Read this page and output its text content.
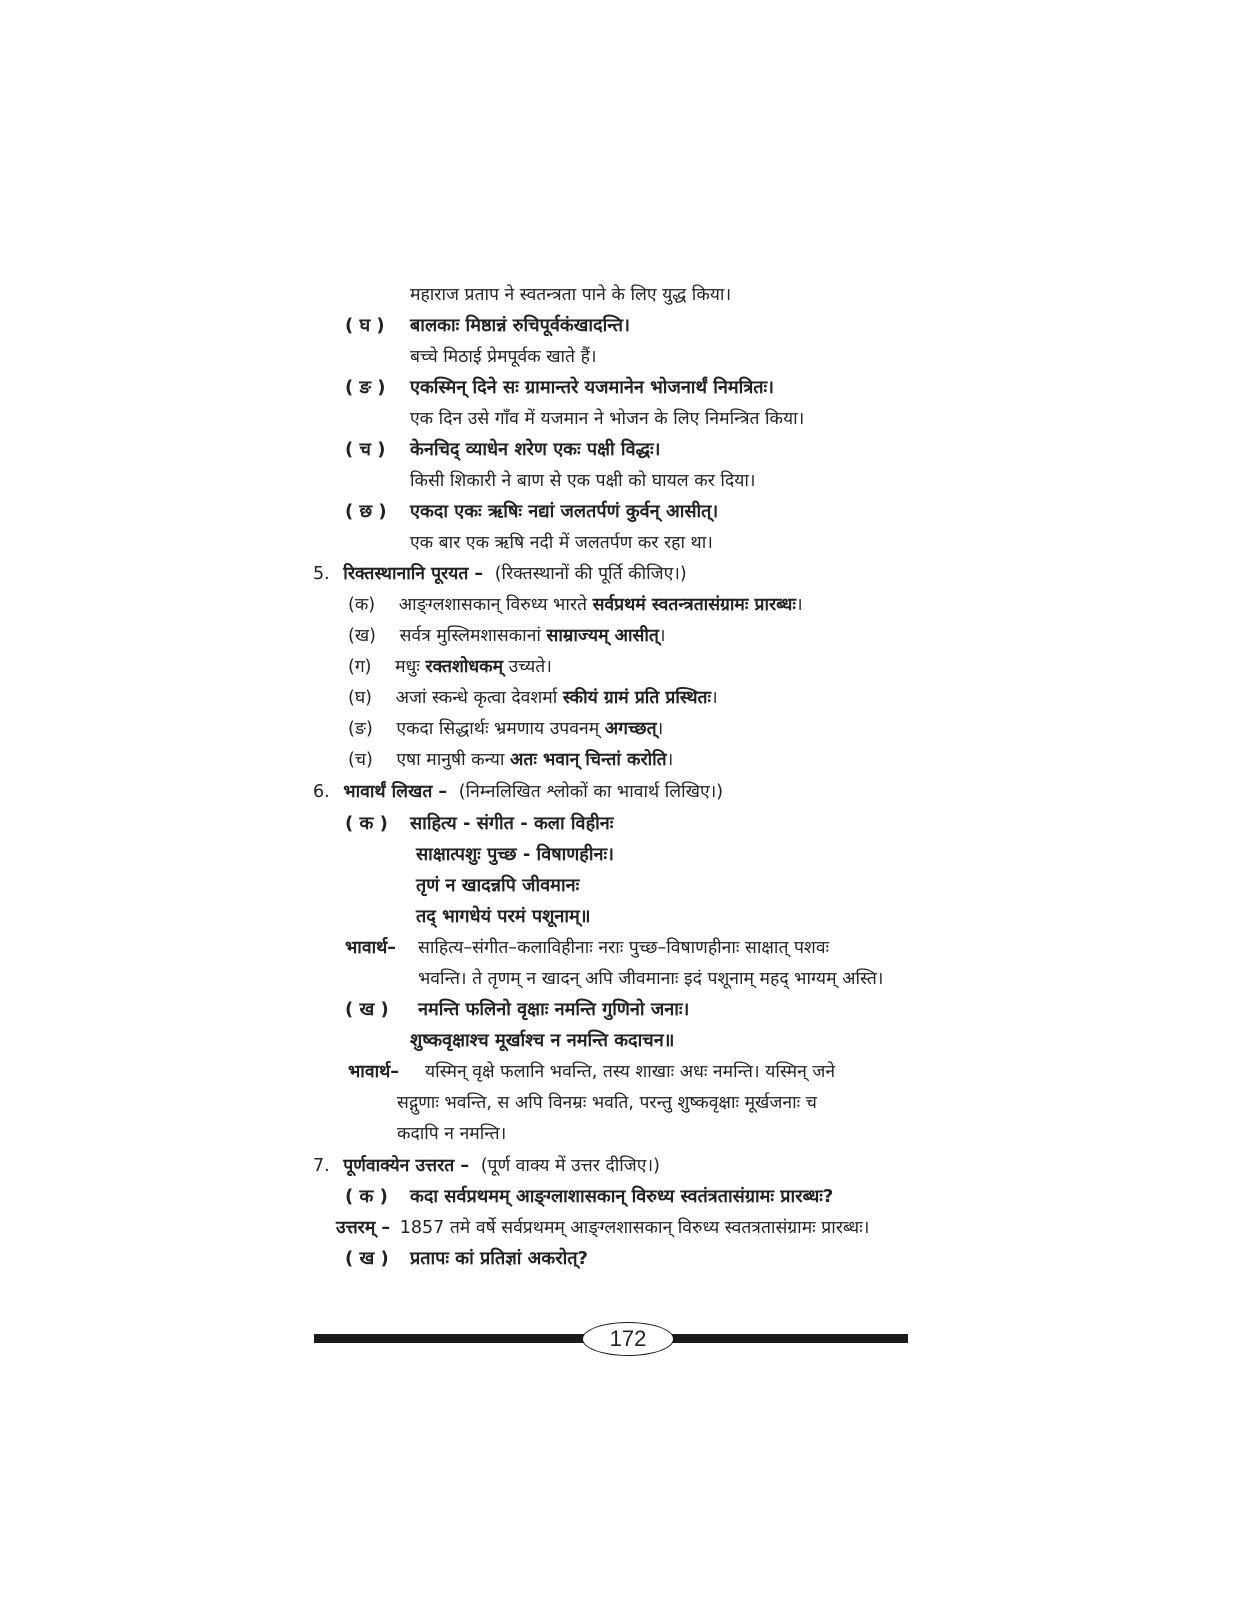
महाराज प्रताप ने स्वतन्त्रता पाने के लिए युद्ध किया।
( घ ) बालकाः मिष्ठान्नं रुचिपूर्वकंखादन्ति।
बच्चे मिठाई प्रेमपूर्वक खाते हैं।
( ङ ) एकस्मिन् दिने सः ग्रामान्तरे यजमानेन भोजनार्थं निमत्रितः।
एक दिन उसे गाँव में यजमान ने भोजन के लिए निमन्त्रित किया।
( च ) केनचिद् व्याधेन शरेण एकः पक्षी विद्धः।
किसी शिकारी ने बाण से एक पक्षी को घायल कर दिया।
( छ ) एकदा एकः ऋषिः नद्यां जलतर्पणं कुर्वन् आसीत्।
एक बार एक ऋषि नदी में जलतर्पण कर रहा था।
5. रिक्तस्थानानि पूरयत – (रिक्तस्थानों की पूर्ति कीजिए।)
(क) आङ्ग्लशासकान् विरुध्य भारते सर्वप्रथमं स्वतन्त्रतासंग्रामः प्रारब्धः।
(ख) सर्वत्र मुस्लिमशासकानां साम्राज्यम् आसीत्।
(ग) मधुः रक्तशोधकम् उच्यते।
(घ) अजां स्कन्धे कृत्वा देवशर्मा स्कीयं ग्रामं प्रति प्रस्थितः।
(ङ) एकदा सिद्धार्थः भ्रमणाय उपवनम् अगच्छत्।
(च) एषा मानुषी कन्या अतः भवान् चिन्तां करोति।
6. भावार्थं लिखत – (निम्नलिखित श्लोकों का भावार्थ लिखिए।)
( क ) साहित्य - संगीत - कला विहीनः
साक्षात्पशुः पुच्छ - विषाणहीनः।
तृणं न खादन्नपि जीवमानः
तद् भागधेयं परमं पशूनाम्॥
भावार्थ– साहित्य–संगीत–कलाविहीनाः नराः पुच्छ–विषाणहीनाः साक्षात् पशवः
भवन्ति। ते तृणम् न खादन् अपि जीवमानाः इदं पशूनाम् महद् भाग्यम् अस्ति।
( ख ) नमन्ति फलिनो वृक्षाः नमन्ति गुणिनो जनाः।
शुष्कवृक्षाश्च मूर्खाश्च न नमन्ति कदाचन॥
भावार्थ– यस्मिन् वृक्षे फलानि भवन्ति, तस्य शाखाः अधः नमन्ति। यस्मिन् जने
सद्गुणाः भवन्ति, स अपि विनम्रः भवति, परन्तु शुष्कवृक्षाः मूर्खजनाः च
कदापि न नमन्ति।
7. पूर्णवाक्येन उत्तरत – (पूर्ण वाक्य में उत्तर दीजिए।)
( क ) कदा सर्वप्रथमम् आङ्ग्लाशासकान् विरुध्य स्वतंत्रतासंग्रामः प्रारब्धः?
उत्तरम् – 1857 तमे वर्षे सर्वप्रथमम् आङ्ग्लशासकान् विरुध्य स्वतत्रतासंग्रामः प्रारब्धः।
( ख ) प्रतापः कां प्रतिज्ञां अकरोत्?
172
